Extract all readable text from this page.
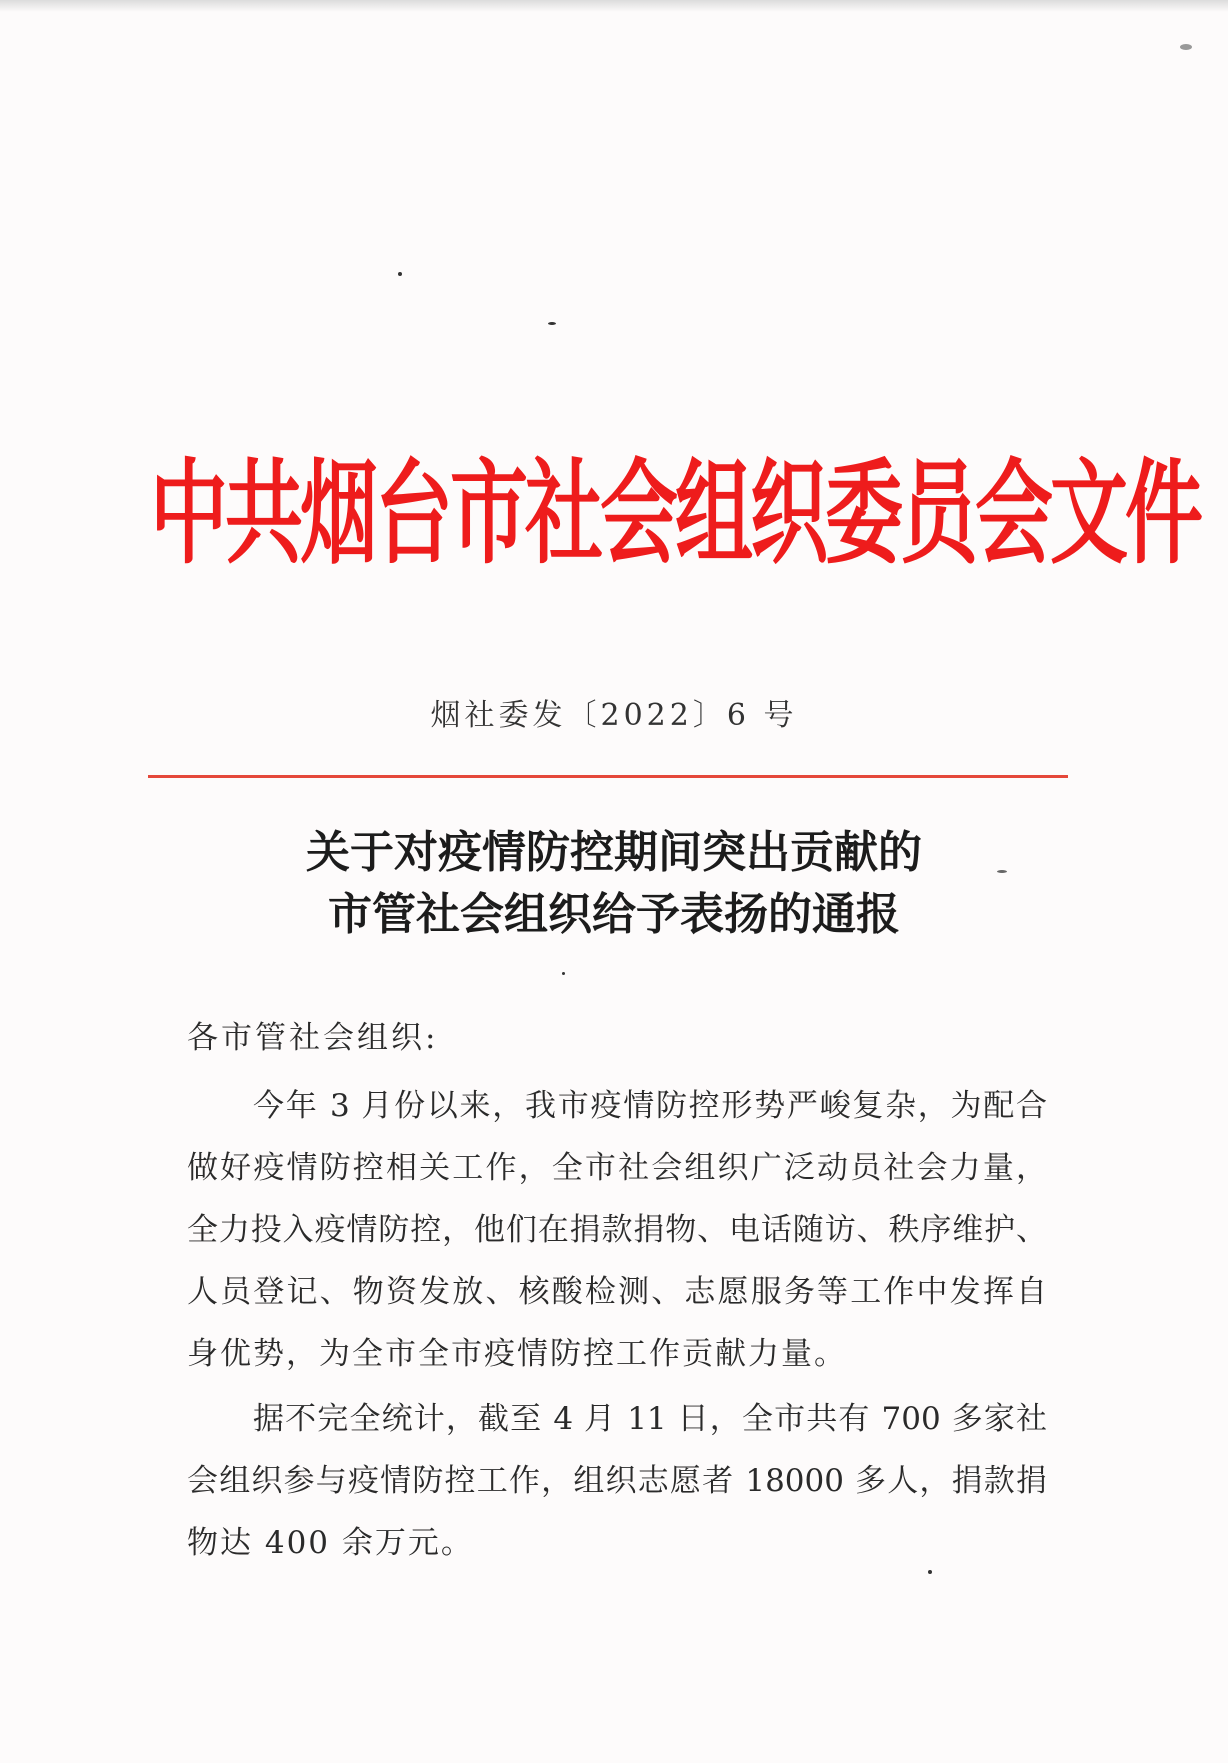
中共烟台市社会组织委员会文件
烟社委发〔2022〕6 号
关于对疫情防控期间突出贡献的
市管社会组织给予表扬的通报
各市管社会组织:
今年 3 月份以来，我市疫情防控形势严峻复杂，为配合
做好疫情防控相关工作，全市社会组织广泛动员社会力量，
全力投入疫情防控，他们在捐款捐物、电话随访、秩序维护、
人员登记、物资发放、核酸检测、志愿服务等工作中发挥自
身优势，为全市全市疫情防控工作贡献力量。
据不完全统计，截至 4 月 11 日，全市共有 700 多家社
会组织参与疫情防控工作，组织志愿者 18000 多人，捐款捐
物达 400 余万元。
